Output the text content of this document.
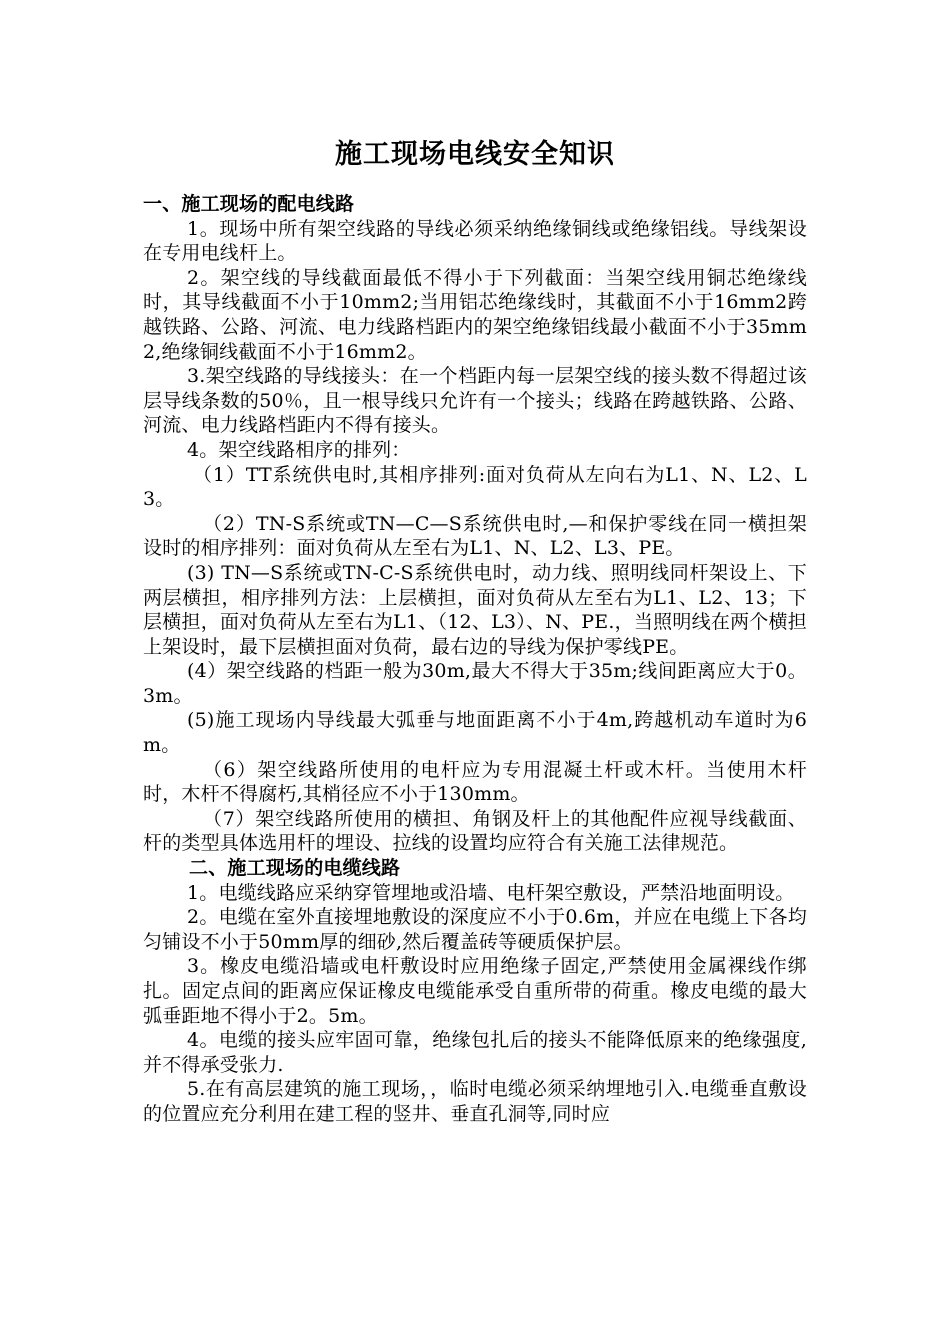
施工现场电线安全知识

一、施工现场的配电线路

1。现场中所有架空线路的导线必须采纳绝缘铜线或绝缘铝线。导线架设在专用电线杆上。

2。架空线的导线截面最低不得小于下列截面：当架空线用铜芯绝缘线时，其导线截面不小于10mm2;当用铝芯绝缘线时，其截面不小于16mm2跨越铁路、公路、河流、电力线路档距内的架空绝缘铝线最小截面不小于35mm2,绝缘铜线截面不小于16mm2。

3.架空线路的导线接头：在一个档距内每一层架空线的接头数不得超过该层导线条数的50％，且一根导线只允许有一个接头；线路在跨越铁路、公路、河流、电力线路档距内不得有接头。

4。架空线路相序的排列：

（1）TT系统供电时,其相序排列:面对负荷从左向右为L1、N、L2、L3。

（2）TN-S系统或TN—C—S系统供电时,—和保护零线在同一横担架设时的相序排列：面对负荷从左至右为L1、N、L2、L3、PE。

(3) TN—S系统或TN-C-S系统供电时，动力线、照明线同杆架设上、下两层横担，相序排列方法：上层横担，面对负荷从左至右为L1、L2、13；下层横担，面对负荷从左至右为L1、（12、L3）、N、PE.，当照明线在两个横担上架设时，最下层横担面对负荷，最右边的导线为保护零线PE。

(4）架空线路的档距一般为30m,最大不得大于35m;线间距离应大于0。3m。

(5)施工现场内导线最大弧垂与地面距离不小于4m,跨越机动车道时为6m。

（6）架空线路所使用的电杆应为专用混凝土杆或木杆。当使用木杆时，木杆不得腐朽,其梢径应不小于130mm。

（7）架空线路所使用的横担、角钢及杆上的其他配件应视导线截面、杆的类型具体选用杆的埋设、拉线的设置均应符合有关施工法律规范。

二、施工现场的电缆线路

1。电缆线路应采纳穿管埋地或沿墙、电杆架空敷设，严禁沿地面明设。

2。电缆在室外直接埋地敷设的深度应不小于0.6m，并应在电缆上下各均匀铺设不小于50mm厚的细砂,然后覆盖砖等硬质保护层。

3。橡皮电缆沿墙或电杆敷设时应用绝缘子固定,严禁使用金属裸线作绑扎。固定点间的距离应保证橡皮电缆能承受自重所带的荷重。橡皮电缆的最大弧垂距地不得小于2。5m。

4。电缆的接头应牢固可靠，绝缘包扎后的接头不能降低原来的绝缘强度,并不得承受张力.

5.在有高层建筑的施工现场，，临时电缆必须采纳埋地引入.电缆垂直敷设的位置应充分利用在建工程的竖井、垂直孔洞等,同时应
